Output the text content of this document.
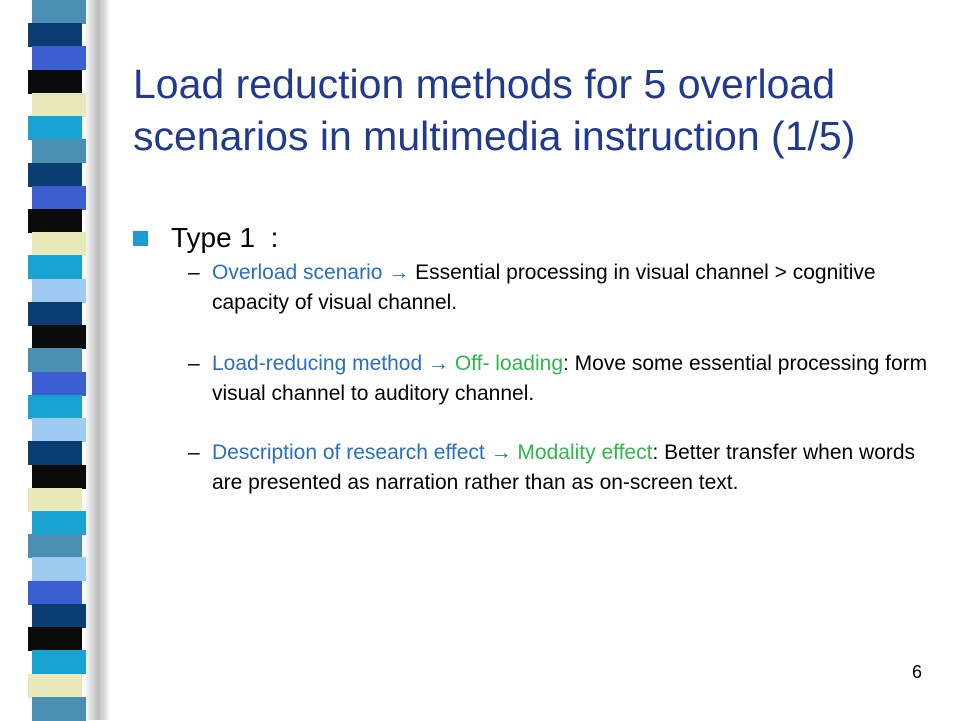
Load reduction methods for 5 overload scenarios in multimedia instruction (1/5)
Type 1  :
– Overload scenario → Essential processing in visual channel > cognitive capacity of visual channel.
– Load-reducing method → Off- loading: Move some essential processing form visual channel to auditory channel.
– Description of research effect → Modality effect: Better transfer when words are presented as narration rather than as on-screen text.
6
